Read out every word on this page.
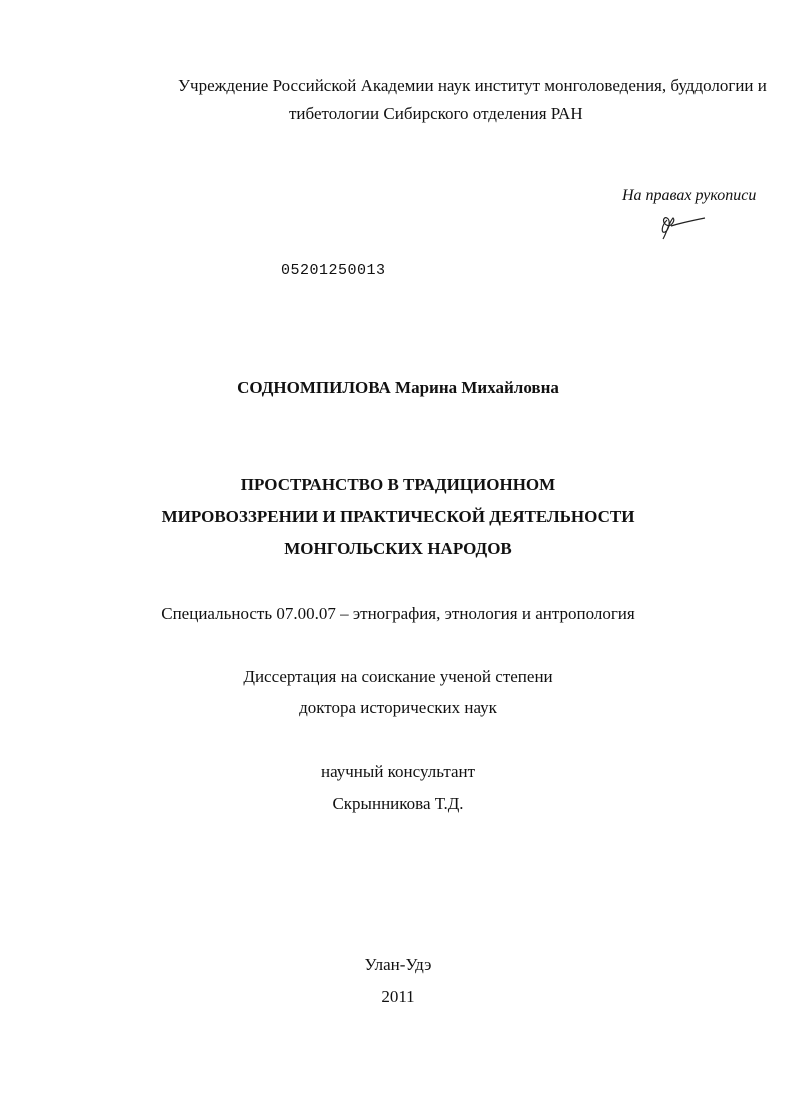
Учреждение Российской Академии наук институт монголоведения, буддологии и
тибетологии Сибирского отделения РАН
На правах рукописи
05201250013
СОДНОМПИЛОВА Марина Михайловна
ПРОСТРАНСТВО В ТРАДИЦИОННОМ
МИРОВОЗЗРЕНИИ И ПРАКТИЧЕСКОЙ ДЕЯТЕЛЬНОСТИ
МОНГОЛЬСКИХ НАРОДОВ
Специальность 07.00.07 – этнография, этнология и антропология
Диссертация на соискание ученой степени
доктора исторических наук
научный консультант
Скрынникова Т.Д.
Улан-Удэ
2011
